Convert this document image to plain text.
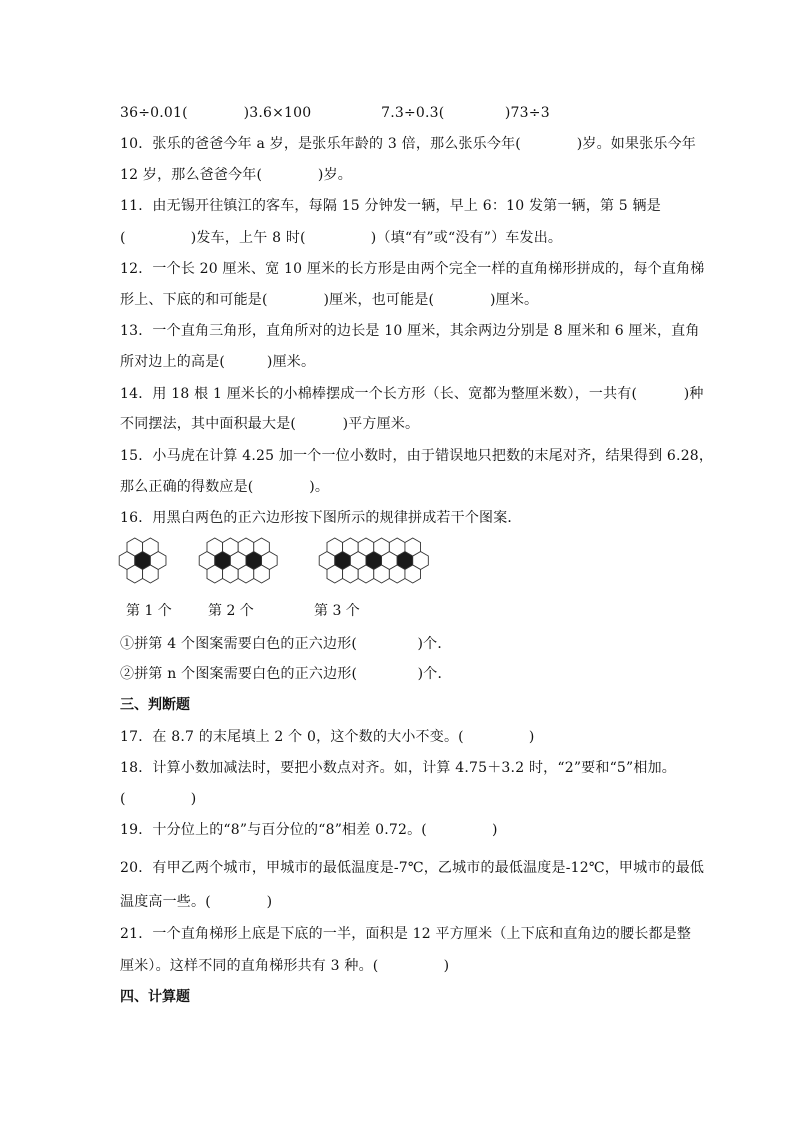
36÷0.01(            )3.6×100               7.3÷0.3(             )73÷3
10．张乐的爸爸今年 a 岁，是张乐年龄的 3 倍，那么张乐今年(            )岁。如果张乐今年
12 岁，那么爸爸今年(            )岁。
11．由无锡开往镇江的客车，每隔 15 分钟发一辆，早上 6：10 发第一辆，第 5 辆是
(              )发车，上午 8 时(              )（填“有”或“没有”）车发出。
12．一个长 20 厘米、宽 10 厘米的长方形是由两个完全一样的直角梯形拼成的，每个直角梯
形上、下底的和可能是(            )厘米，也可能是(            )厘米。
13．一个直角三角形，直角所对的边长是 10 厘米，其余两边分别是 8 厘米和 6 厘米，直角
所对边上的高是(         )厘米。
14．用 18 根 1 厘米长的小棉棒摆成一个长方形（长、宽都为整厘米数），一共有(          )种
不同摆法，其中面积最大是(          )平方厘米。
15．小马虎在计算 4.25 加一个一位小数时，由于错误地只把数的末尾对齐，结果得到 6.28，
那么正确的得数应是(            )。
16．用黑白两色的正六边形按下图所示的规律拼成若干个图案．
第 1 个	第 2 个	第 3 个
①拼第 4 个图案需要白色的正六边形(             )个．
②拼第 n 个图案需要白色的正六边形(             )个．
三、判断题
17．在 8.7 的末尾填上 2 个 0，这个数的大小不变。(              )
18．计算小数加减法时，要把小数点对齐。如，计算 4.75＋3.2 时，“2”要和“5”相加。
(              )
19．十分位上的“8”与百分位的“8”相差 0.72。(              )
20．有甲乙两个城市，甲城市的最低温度是-7℃，乙城市的最低温度是-12℃，甲城市的最低
温度高一些。(            )
21．一个直角梯形上底是下底的一半，面积是 12 平方厘米（上下底和直角边的腰长都是整
厘米）。这样不同的直角梯形共有 3 种。(              )
四、计算题
